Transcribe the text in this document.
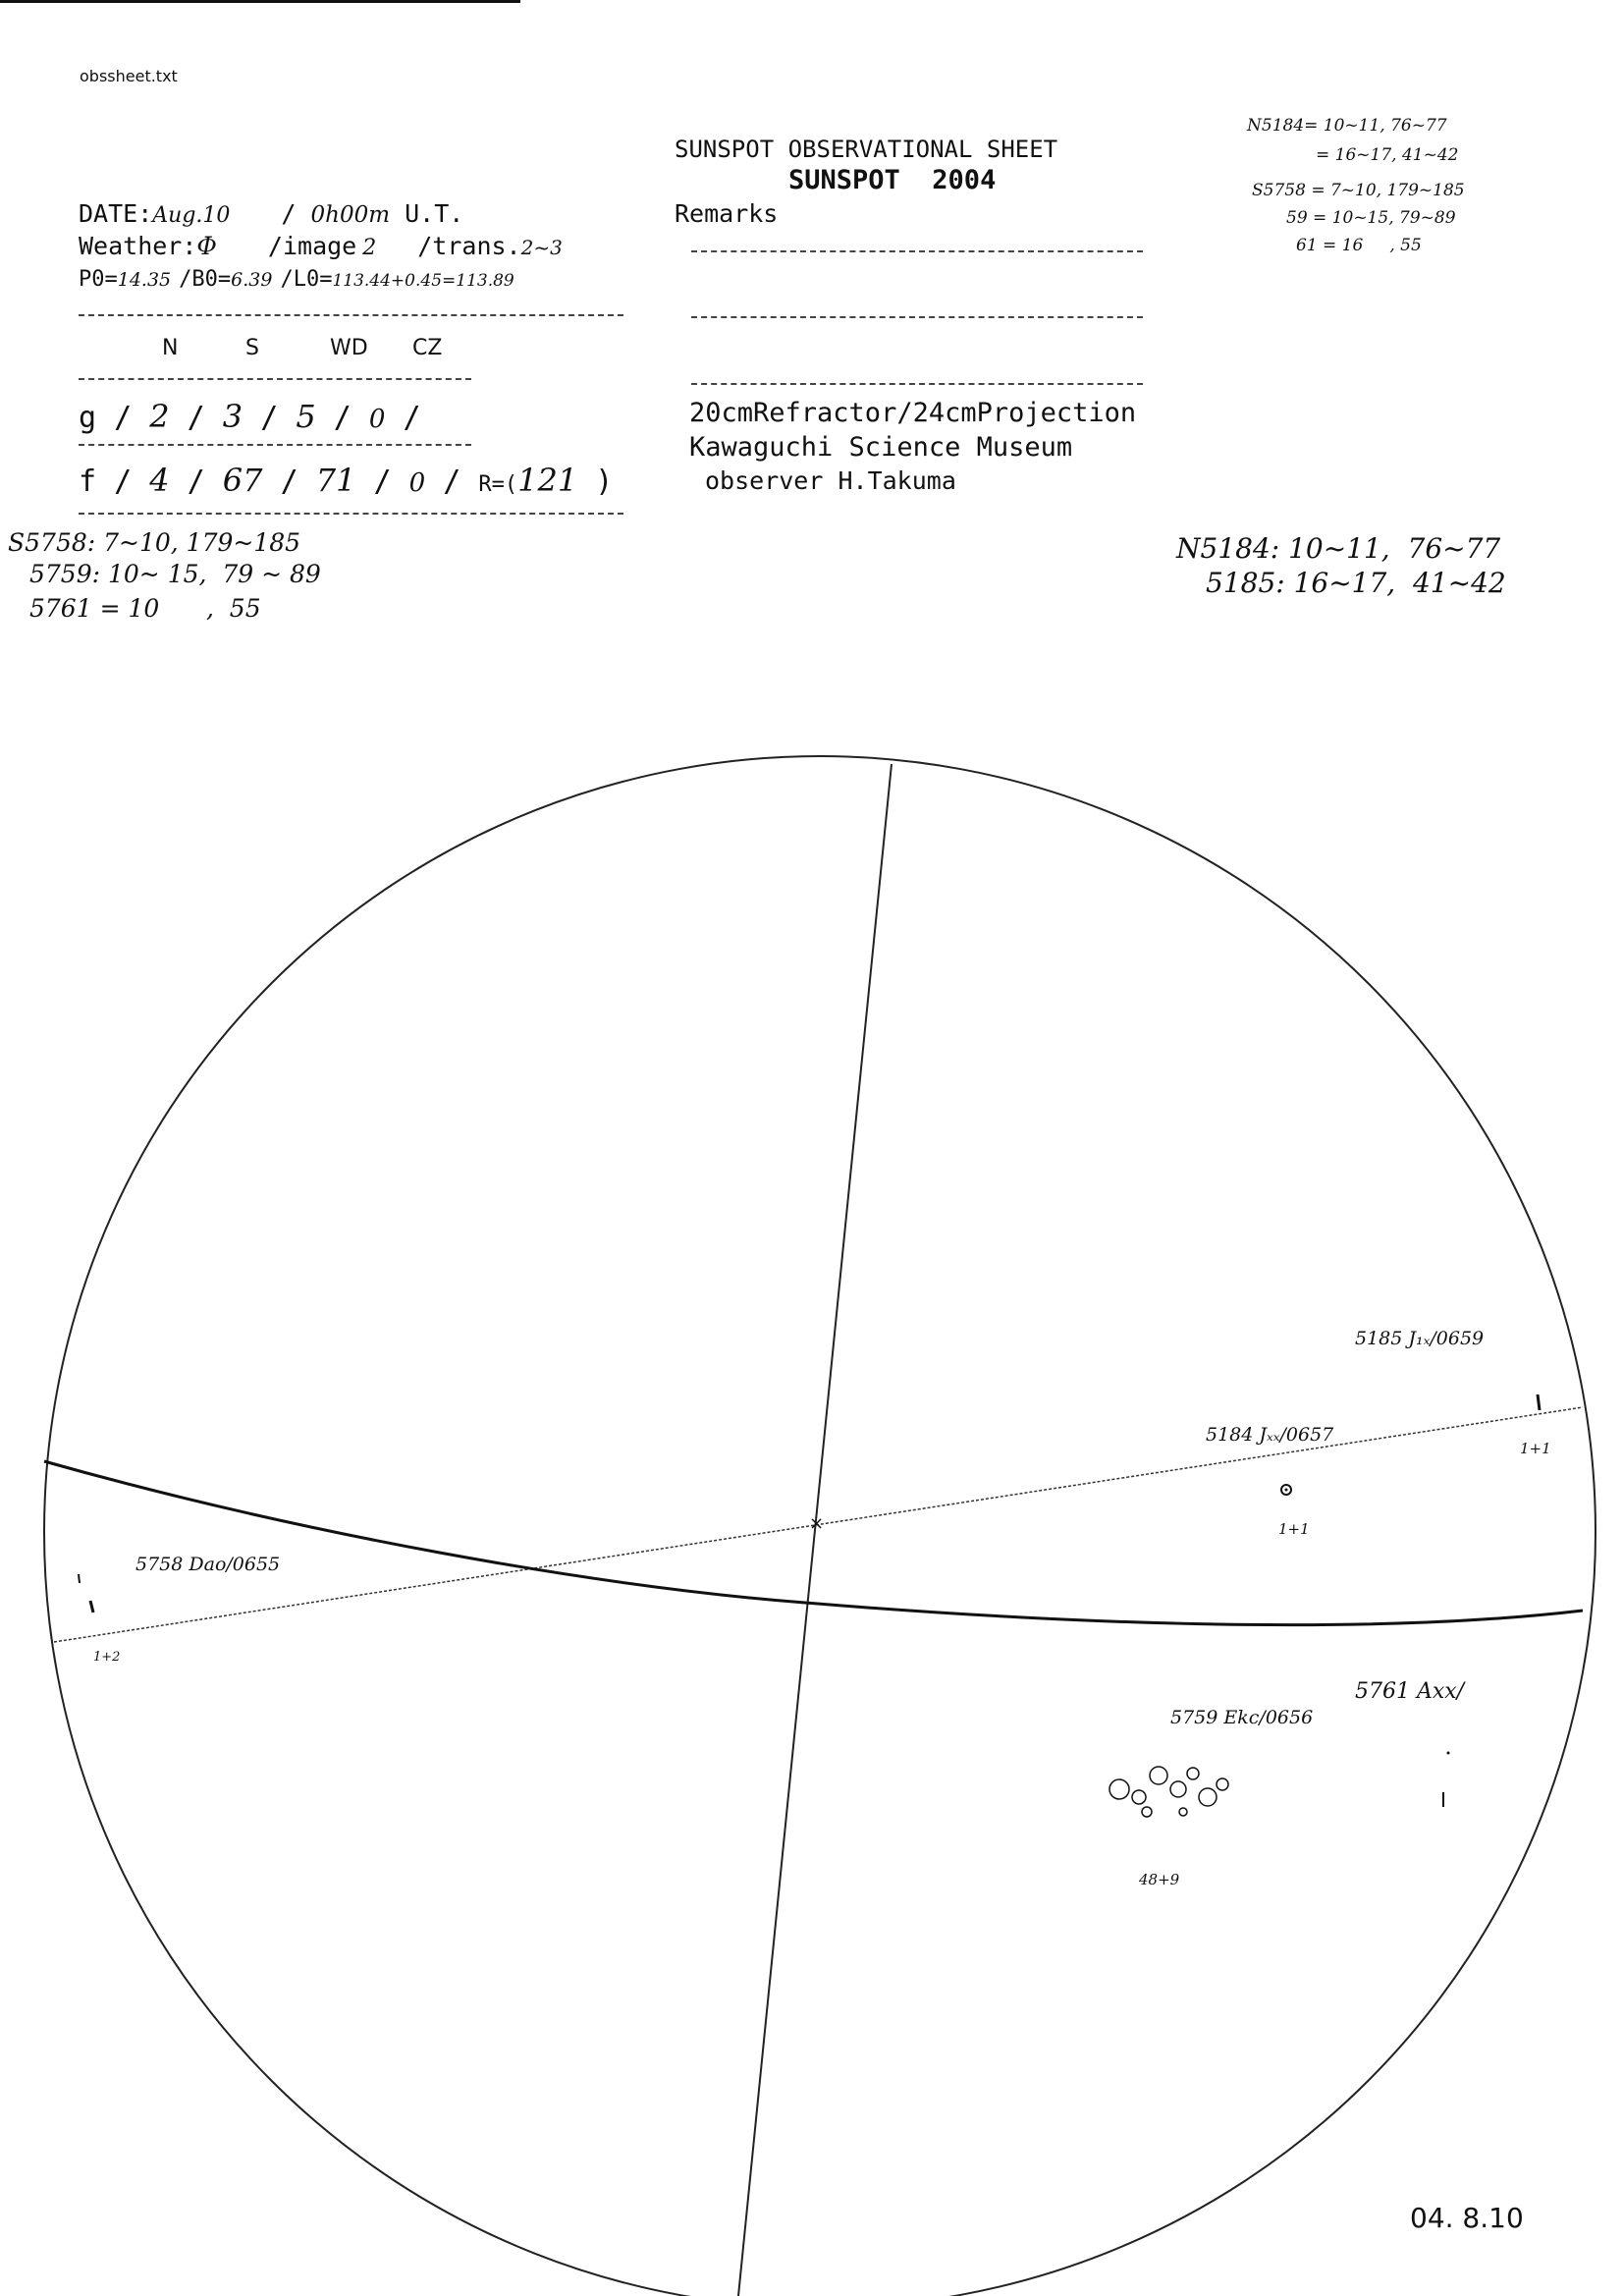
obssheet.txt
SUNSPOT OBSERVATIONAL SHEET
SUNSPOT  2004
Remarks
DATE:Aug.10 / 0h00m U.T.
Weather:Φ /image 2 /trans.2~3
P0=14.35 /B0=6.39 /L0=113.44+0.45=113.89
N	S	WD CZ
g / 2 / 3 / 5 / 0 /
f / 4 / 67 / 71 / 0 / R=(121 )
20cmRefractor/24cmProjection
Kawaguchi Science Museum
observer H.Takuma
N5184= 10~11, 76~77
= 16~17, 41~42
S5758 = 7~10, 179~185
59 = 10~15, 79~89
61 = 16     , 55
S5758: 7~10, 179~185
5759: 10~ 15,  79 ~ 89
5761 = 10      ,  55
N5184: 10~11,  76~77
5185: 16~17,  41~42
×
5185 J₁ₓ/0659
1+1
5184 Jₓₓ/0657
1+1
5758 Dao/0655
1+2
5761 Axx/
5759 Ekc/0656
48+9
04. 8.10
